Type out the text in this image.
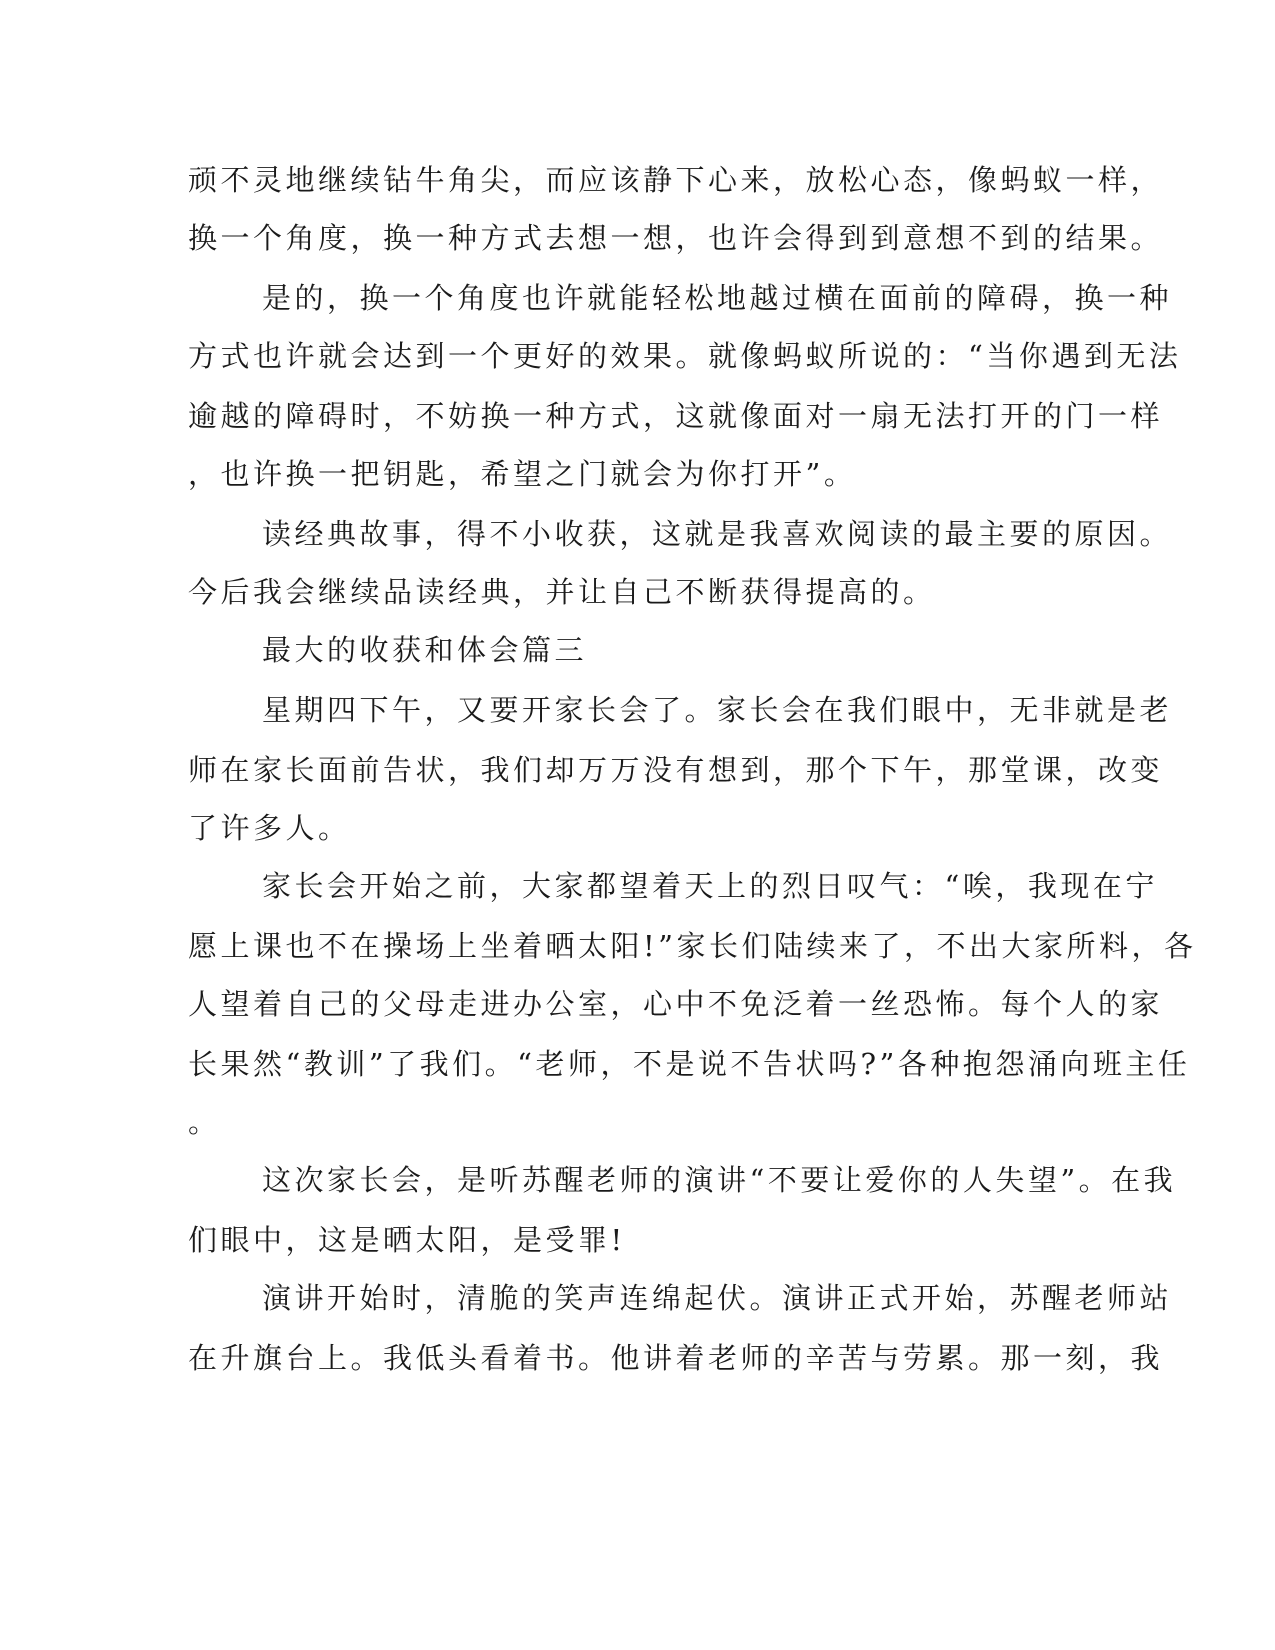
顽不灵地继续钻牛角尖，而应该静下心来，放松心态，像蚂蚁一样，
换一个角度，换一种方式去想一想，也许会得到到意想不到的结果。
是的，换一个角度也许就能轻松地越过横在面前的障碍，换一种
方式也许就会达到一个更好的效果。就像蚂蚁所说的：“当你遇到无法
逾越的障碍时，不妨换一种方式，这就像面对一扇无法打开的门一样
，也许换一把钥匙，希望之门就会为你打开”。
读经典故事，得不小收获，这就是我喜欢阅读的最主要的原因。
今后我会继续品读经典，并让自己不断获得提高的。
最大的收获和体会篇三
星期四下午，又要开家长会了。家长会在我们眼中，无非就是老
师在家长面前告状，我们却万万没有想到，那个下午，那堂课，改变
了许多人。
家长会开始之前，大家都望着天上的烈日叹气：“唉，我现在宁
愿上课也不在操场上坐着晒太阳!”家长们陆续来了，不出大家所料，各
人望着自己的父母走进办公室，心中不免泛着一丝恐怖。每个人的家
长果然“教训”了我们。“老师，不是说不告状吗?”各种抱怨涌向班主任
。
这次家长会，是听苏醒老师的演讲“不要让爱你的人失望”。在我
们眼中，这是晒太阳，是受罪!
演讲开始时，清脆的笑声连绵起伏。演讲正式开始，苏醒老师站
在升旗台上。我低头看着书。他讲着老师的辛苦与劳累。那一刻，我
